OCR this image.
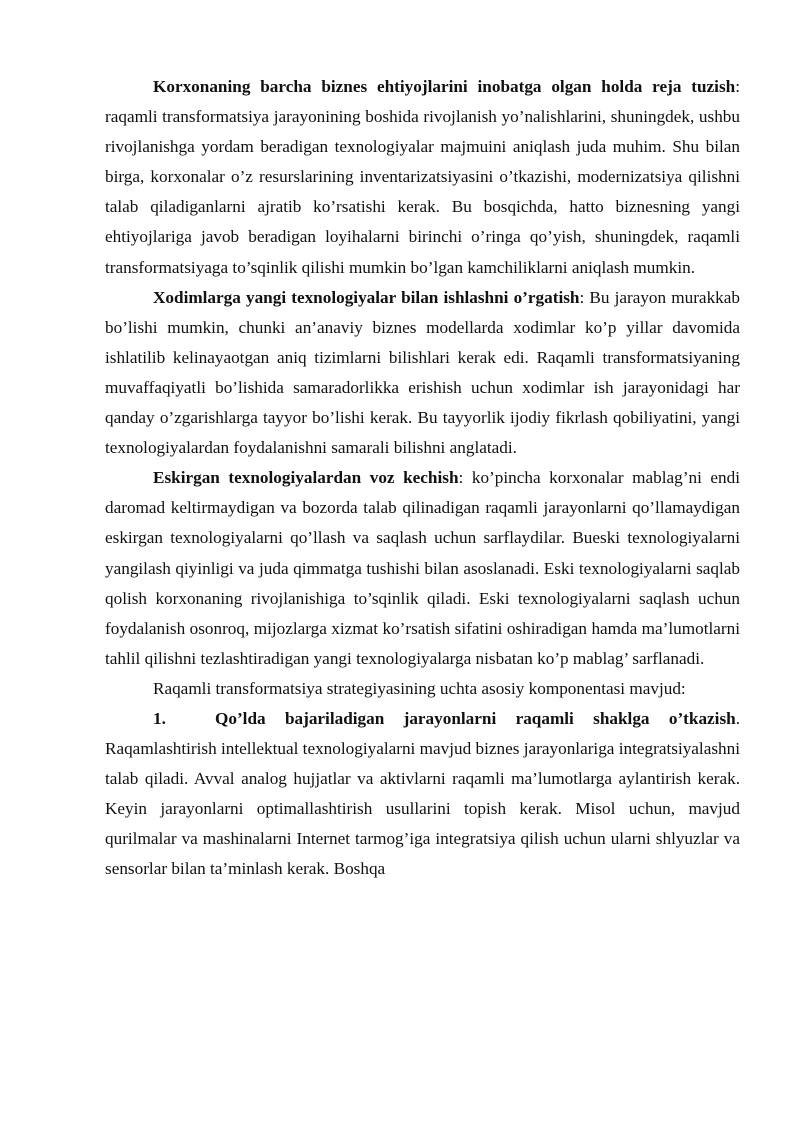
Korxonaning barcha biznes ehtiyojlarini inobatga olgan holda reja tuzish: raqamli transformatsiya jarayonining boshida rivojlanish yo’nalishlarini, shuningdek, ushbu rivojlanishga yordam beradigan texnologiyalar majmuini aniqlash juda muhim. Shu bilan birga, korxonalar o’z resurslarining inventarizatsiyasini o’tkazishi, modernizatsiya qilishni talab qiladiganlarni ajratib ko’rsatishi kerak. Bu bosqichda, hatto biznesning yangi ehtiyojlariga javob beradigan loyihalarni birinchi o’ringa qo’yish, shuningdek, raqamli transformatsiyaga to’sqinlik qilishi mumkin bo’lgan kamchiliklarni aniqlash mumkin.

Xodimlarga yangi texnologiyalar bilan ishlashni o’rgatish: Bu jarayon murakkab bo’lishi mumkin, chunki an’anaviy biznes modellarda xodimlar ko’p yillar davomida ishlatilib kelinayaotgan aniq tizimlarni bilishlari kerak edi. Raqamli transformatsiyaning muvaffaqiyatli bo’lishida samaradorlikka erishish uchun xodimlar ish jarayonidagi har qanday o’zgarishlarga tayyor bo’lishi kerak. Bu tayyorlik ijodiy fikrlash qobiliyatini, yangi texnologiyalardan foydalanishni samarali bilishni anglatadi.

Eskirgan texnologiyalardan voz kechish: ko’pincha korxonalar mablag’ni endi daromad keltirmaydigan va bozorda talab qilinadigan raqamli jarayonlarni qo’llamaydigan eskirgan texnologiyalarni qo’llash va saqlash uchun sarflaydilar. Bueski texnologiyalarni yangilash qiyinligi va juda qimmatga tushishi bilan asoslanadi. Eski texnologiyalarni saqlab qolish korxonaning rivojlanishiga to’sqinlik qiladi. Eski texnologiyalarni saqlash uchun foydalanish osonroq, mijozlarga xizmat ko’rsatish sifatini oshiradigan hamda ma’lumotlarni tahlil qilishni tezlashtiradigan yangi texnologiyalarga nisbatan ko’p mablag’ sarflanadi.

Raqamli transformatsiya strategiyasining uchta asosiy komponentasi mavjud:

1.	Qo’lda bajariladigan jarayonlarni raqamli shaklga o’tkazish. Raqamlashtirish intellektual texnologiyalarni mavjud biznes jarayonlariga integratsiyalashni talab qiladi. Avval analog hujjatlar va aktivlarni raqamli ma’lumotlarga aylantirish kerak. Keyin jarayonlarni optimallashtirish usullarini topish kerak. Misol uchun, mavjud qurilmalar va mashinalarni Internet tarmog’iga integratsiya qilish uchun ularni shlyuzlar va sensorlar bilan ta’minlash kerak. Boshqa
